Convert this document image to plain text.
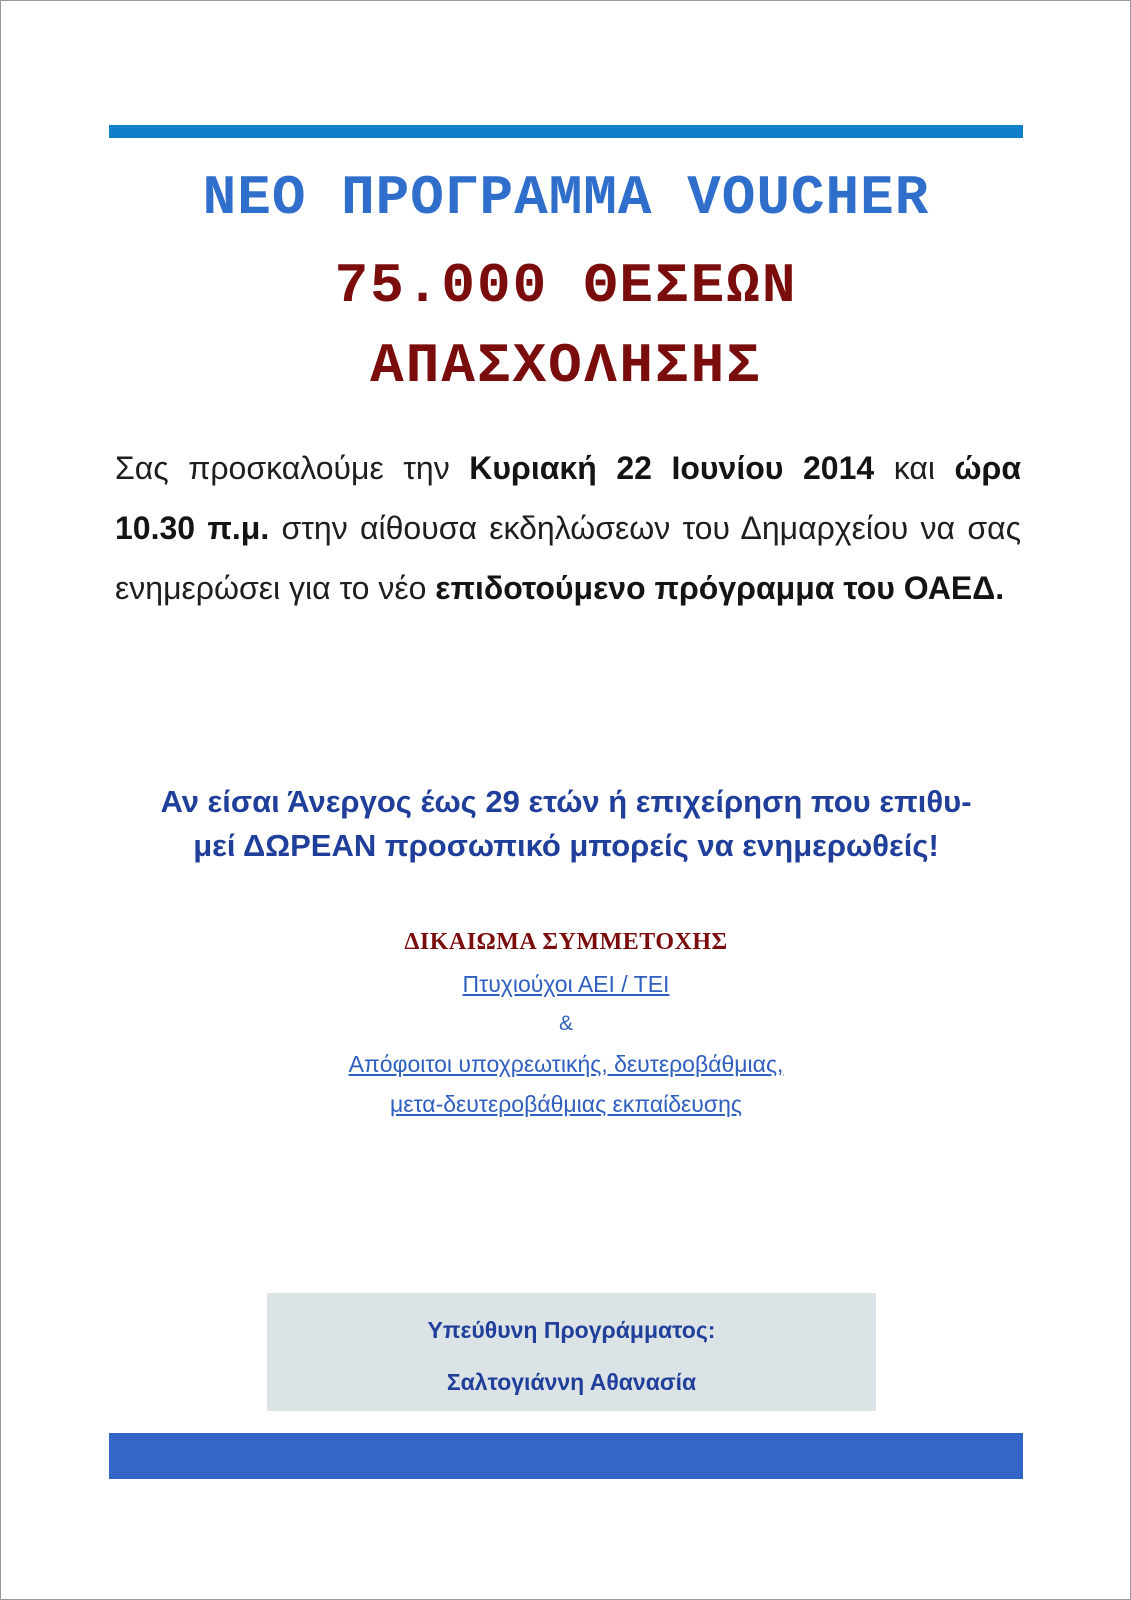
ΝΕΟ ΠΡΟΓΡΑΜΜΑ VOUCHER
75.000 ΘΕΣΕΩΝ
ΑΠΑΣΧΟΛΗΣΗΣ
Σας προσκαλούμε την Κυριακή 22 Ιουνίου 2014 και ώρα 10.30 π.μ. στην αίθουσα εκδηλώσεων του Δημαρχείου να σας ενημερώσει για το νέο επιδοτούμενο πρόγραμμα του ΟΑΕΔ.
Αν είσαι Άνεργος έως 29 ετών ή επιχείρηση που επιθυ-
μεί ΔΩΡΕΑΝ προσωπικό μπορείς να ενημερωθείς!
ΔΙΚΑΙΩΜΑ ΣΥΜΜΕΤΟΧΗΣ
Πτυχιούχοι ΑΕΙ / ΤΕΙ
&
Απόφοιτοι υποχρεωτικής, δευτεροβάθμιας,
μετα-δευτεροβάθμιας εκπαίδευσης
Υπεύθυνη Προγράμματος:
Σαλτογιάννη Αθανασία
